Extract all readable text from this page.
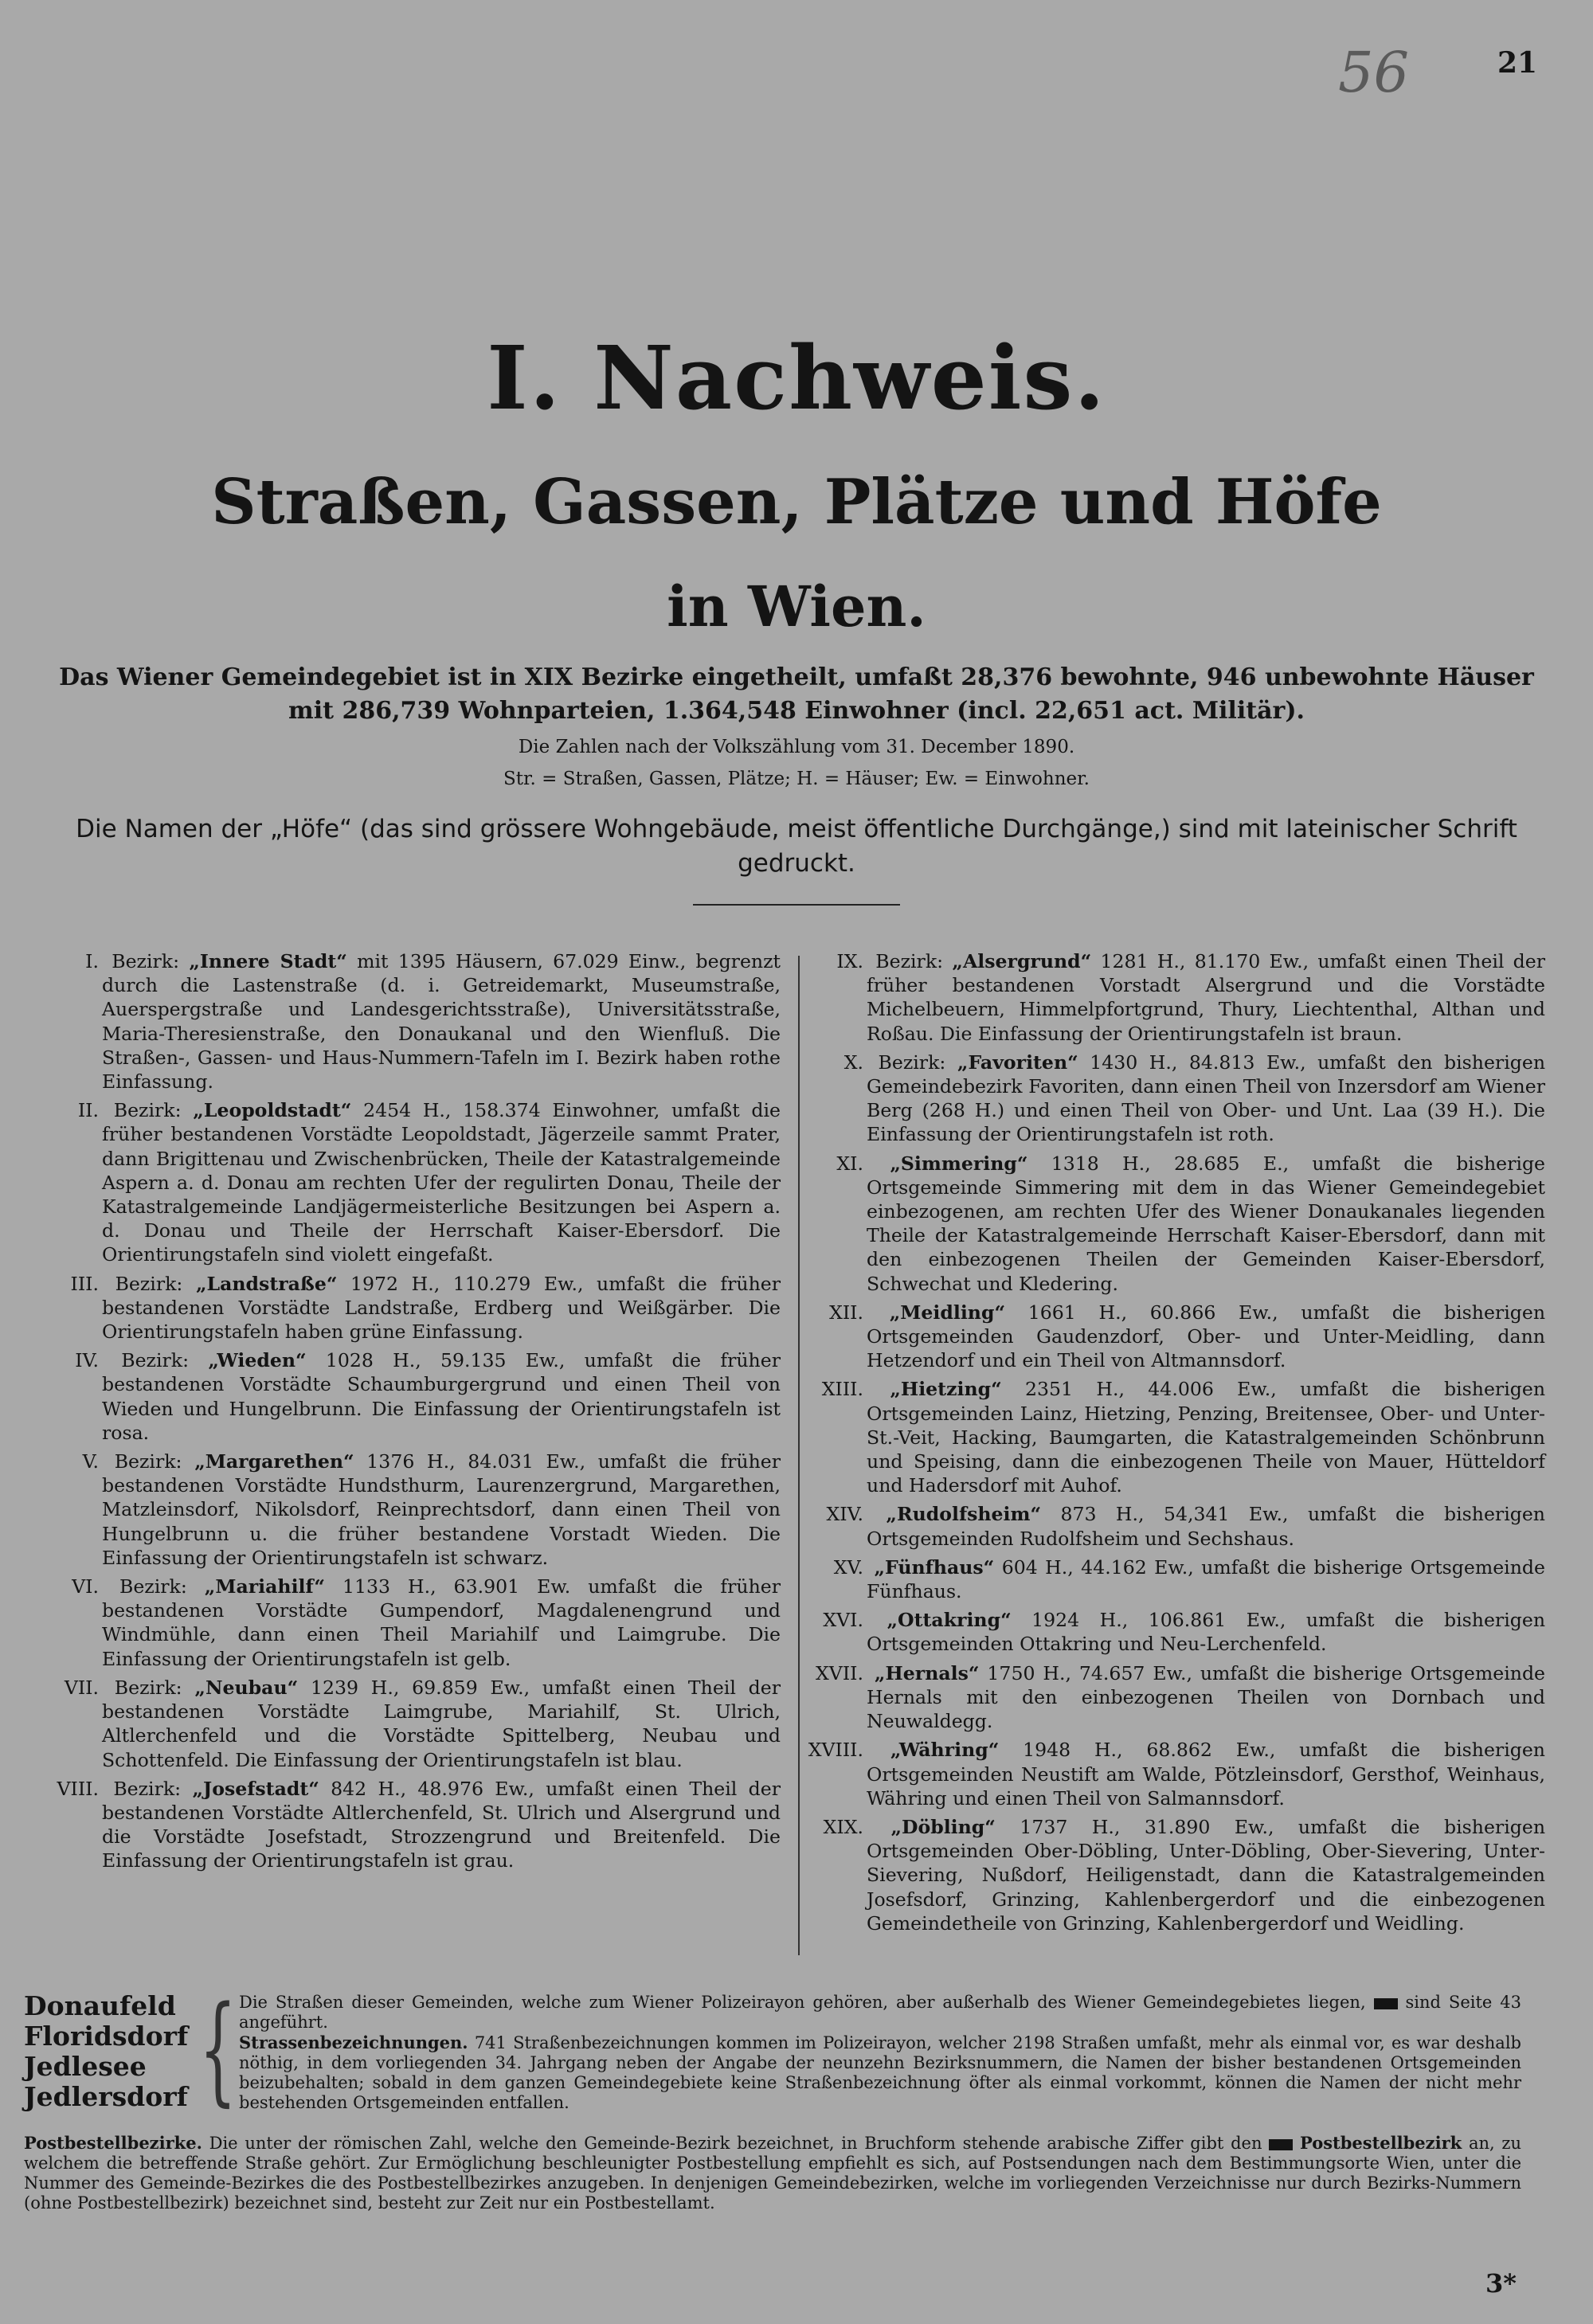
56	21
I. Nachweis.
Straßen, Gassen, Plätze und Höfe
in Wien.
Das Wiener Gemeindegebiet ist in XIX Bezirke eingetheilt, umfaßt 28,376 bewohnte, 946 unbewohnte Häuser mit 286,739 Wohnparteien, 1.364,548 Einwohner (incl. 22,651 act. Militär).
Die Zahlen nach der Volkszählung vom 31. December 1890.
Str. = Straßen, Gassen, Plätze; H. = Häuser; Ew. = Einwohner.
Die Namen der „Höfe“ (das sind grössere Wohngebäude, meist öffentliche Durchgänge,) sind mit lateinischer Schrift gedruckt.
I. Bezirk: „Innere Stadt“ mit 1395 Häusern, 67.029 Einw., begrenzt durch die Lastenstraße (d. i. Getreidemarkt, Museumstraße, Auerspergstraße und Landesgerichtsstraße), Universitätsstraße, Maria-Theresienstraße, den Donaukanal und den Wienfluß. Die Straßen-, Gassen- und Haus-Nummern-Tafeln im I. Bezirk haben rothe Einfassung.
II. Bezirk: „Leopoldstadt“ 2454 H., 158.374 Einwohner, umfaßt die früher bestandenen Vorstädte Leopoldstadt, Jägerzeile sammt Prater, dann Brigittenau und Zwischenbrücken, Theile der Katastralgemeinde Aspern a. d. Donau am rechten Ufer der regulirten Donau, Theile der Katastralgemeinde Landjägermeisterliche Besitzungen bei Aspern a. d. Donau und Theile der Herrschaft Kaiser-Ebersdorf. Die Orientirungstafeln sind violett eingefaßt.
III. Bezirk: „Landstraße“ 1972 H., 110.279 Ew., umfaßt die früher bestandenen Vorstädte Landstraße, Erdberg und Weißgärber. Die Orientirungstafeln haben grüne Einfassung.
IV. Bezirk: „Wieden“ 1028 H., 59.135 Ew., umfaßt die früher bestandenen Vorstädte Schaumburgergrund und einen Theil von Wieden und Hungelbrunn. Die Einfassung der Orientirungstafeln ist rosa.
V. Bezirk: „Margarethen“ 1376 H., 84.031 Ew., umfaßt die früher bestandenen Vorstädte Hundsthurm, Laurenzergrund, Margarethen, Matzleinsdorf, Nikolsdorf, Reinprechtsdorf, dann einen Theil von Hungelbrunn u. die früher bestandene Vorstadt Wieden. Die Einfassung der Orientirungstafeln ist schwarz.
VI. Bezirk: „Mariahilf“ 1133 H., 63.901 Ew. umfaßt die früher bestandenen Vorstädte Gumpendorf, Magdalenengrund und Windmühle, dann einen Theil Mariahilf und Laimgrube. Die Einfassung der Orientirungstafeln ist gelb.
VII. Bezirk: „Neubau“ 1239 H., 69.859 Ew., umfaßt einen Theil der bestandenen Vorstädte Laimgrube, Mariahilf, St. Ulrich, Altlerchenfeld und die Vorstädte Spittelberg, Neubau und Schottenfeld. Die Einfassung der Orientirungstafeln ist blau.
VIII. Bezirk: „Josefstadt“ 842 H., 48.976 Ew., umfaßt einen Theil der bestandenen Vorstädte Altlerchenfeld, St. Ulrich und Alsergrund und die Vorstädte Josefstadt, Strozzengrund und Breitenfeld. Die Einfassung der Orientirungstafeln ist grau.
IX. Bezirk: „Alsergrund“ 1281 H., 81.170 Ew., umfaßt einen Theil der früher bestandenen Vorstadt Alsergrund und die Vorstädte Michelbeuern, Himmelpfortgrund, Thury, Liechtenthal, Althan und Roßau. Die Einfassung der Orientirungstafeln ist braun.
X. Bezirk: „Favoriten“ 1430 H., 84.813 Ew., umfaßt den bisherigen Gemeindebezirk Favoriten, dann einen Theil von Inzersdorf am Wiener Berg (268 H.) und einen Theil von Ober- und Unt. Laa (39 H.). Die Einfassung der Orientirungstafeln ist roth.
XI. „Simmering“ 1318 H., 28.685 E., umfaßt die bisherige Ortsgemeinde Simmering mit dem in das Wiener Gemeindegebiet einbezogenen, am rechten Ufer des Wiener Donaukanales liegenden Theile der Katastralgemeinde Herrschaft Kaiser-Ebersdorf, dann mit den einbezogenen Theilen der Gemeinden Kaiser-Ebersdorf, Schwechat und Kledering.
XII. „Meidling“ 1661 H., 60.866 Ew., umfaßt die bisherigen Ortsgemeinden Gaudenzdorf, Ober- und Unter-Meidling, dann Hetzendorf und ein Theil von Altmannsdorf.
XIII. „Hietzing“ 2351 H., 44.006 Ew., umfaßt die bisherigen Ortsgemeinden Lainz, Hietzing, Penzing, Breitensee, Ober- und Unter-St.-Veit, Hacking, Baumgarten, die Katastralgemeinden Schönbrunn und Speising, dann die einbezogenen Theile von Mauer, Hütteldorf und Hadersdorf mit Auhof.
XIV. „Rudolfsheim“ 873 H., 54,341 Ew., umfaßt die bisherigen Ortsgemeinden Rudolfsheim und Sechshaus.
XV. „Fünfhaus“ 604 H., 44.162 Ew., umfaßt die bisherige Ortsgemeinde Fünfhaus.
XVI. „Ottakring“ 1924 H., 106.861 Ew., umfaßt die bisherigen Ortsgemeinden Ottakring und Neu-Lerchenfeld.
XVII. „Hernals“ 1750 H., 74.657 Ew., umfaßt die bisherige Ortsgemeinde Hernals mit den einbezogenen Theilen von Dornbach und Neuwaldegg.
XVIII. „Währing“ 1948 H., 68.862 Ew., umfaßt die bisherigen Ortsgemeinden Neustift am Walde, Pötzleinsdorf, Gersthof, Weinhaus, Währing und einen Theil von Salmannsdorf.
XIX. „Döbling“ 1737 H., 31.890 Ew., umfaßt die bisherigen Ortsgemeinden Ober-Döbling, Unter-Döbling, Ober-Sievering, Unter-Sievering, Nußdorf, Heiligenstadt, dann die Katastralgemeinden Josefsdorf, Grinzing, Kahlenbergerdorf und die einbezogenen Gemeindetheile von Grinzing, Kahlenbergerdorf und Weidling.
Donaufeld
Floridsdorf
Jedlesee
Jedlersdorf { Die Straßen dieser Gemeinden, welche zum Wiener Polizeirayon gehören, aber außerhalb des Wiener Gemeindegebietes liegen, sind Seite 43 angeführt.
Strassenbezeichnungen. 741 Straßenbezeichnungen kommen im Polizeirayon, welcher 2198 Straßen umfaßt, mehr als einmal vor, es war deshalb nöthig, in dem vorliegenden 34. Jahrgang neben der Angabe der neunzehn Bezirksnummern, die Namen der bisher bestandenen Ortsgemeinden beizubehalten; sobald in dem ganzen Gemeindegebiete keine Straßenbezeichnung öfter als einmal vorkommt, können die Namen der nicht mehr bestehenden Ortsgemeinden entfallen.
Postbestellbezirke. Die unter der römischen Zahl, welche den Gemeinde-Bezirk bezeichnet, in Bruchform stehende arabische Ziffer gibt den Postbestellbezirk an, zu welchem die betreffende Straße gehört. Zur Ermöglichung beschleunigter Postbestellung empfiehlt es sich, auf Postsendungen nach dem Bestimmungsorte Wien, unter die Nummer des Gemeinde-Bezirkes die des Postbestellbezirkes anzugeben. In denjenigen Gemeindebezirken, welche im vorliegenden Verzeichnisse nur durch Bezirks-Nummern (ohne Postbestellbezirk) bezeichnet sind, besteht zur Zeit nur ein Postbestellamt.
3*
